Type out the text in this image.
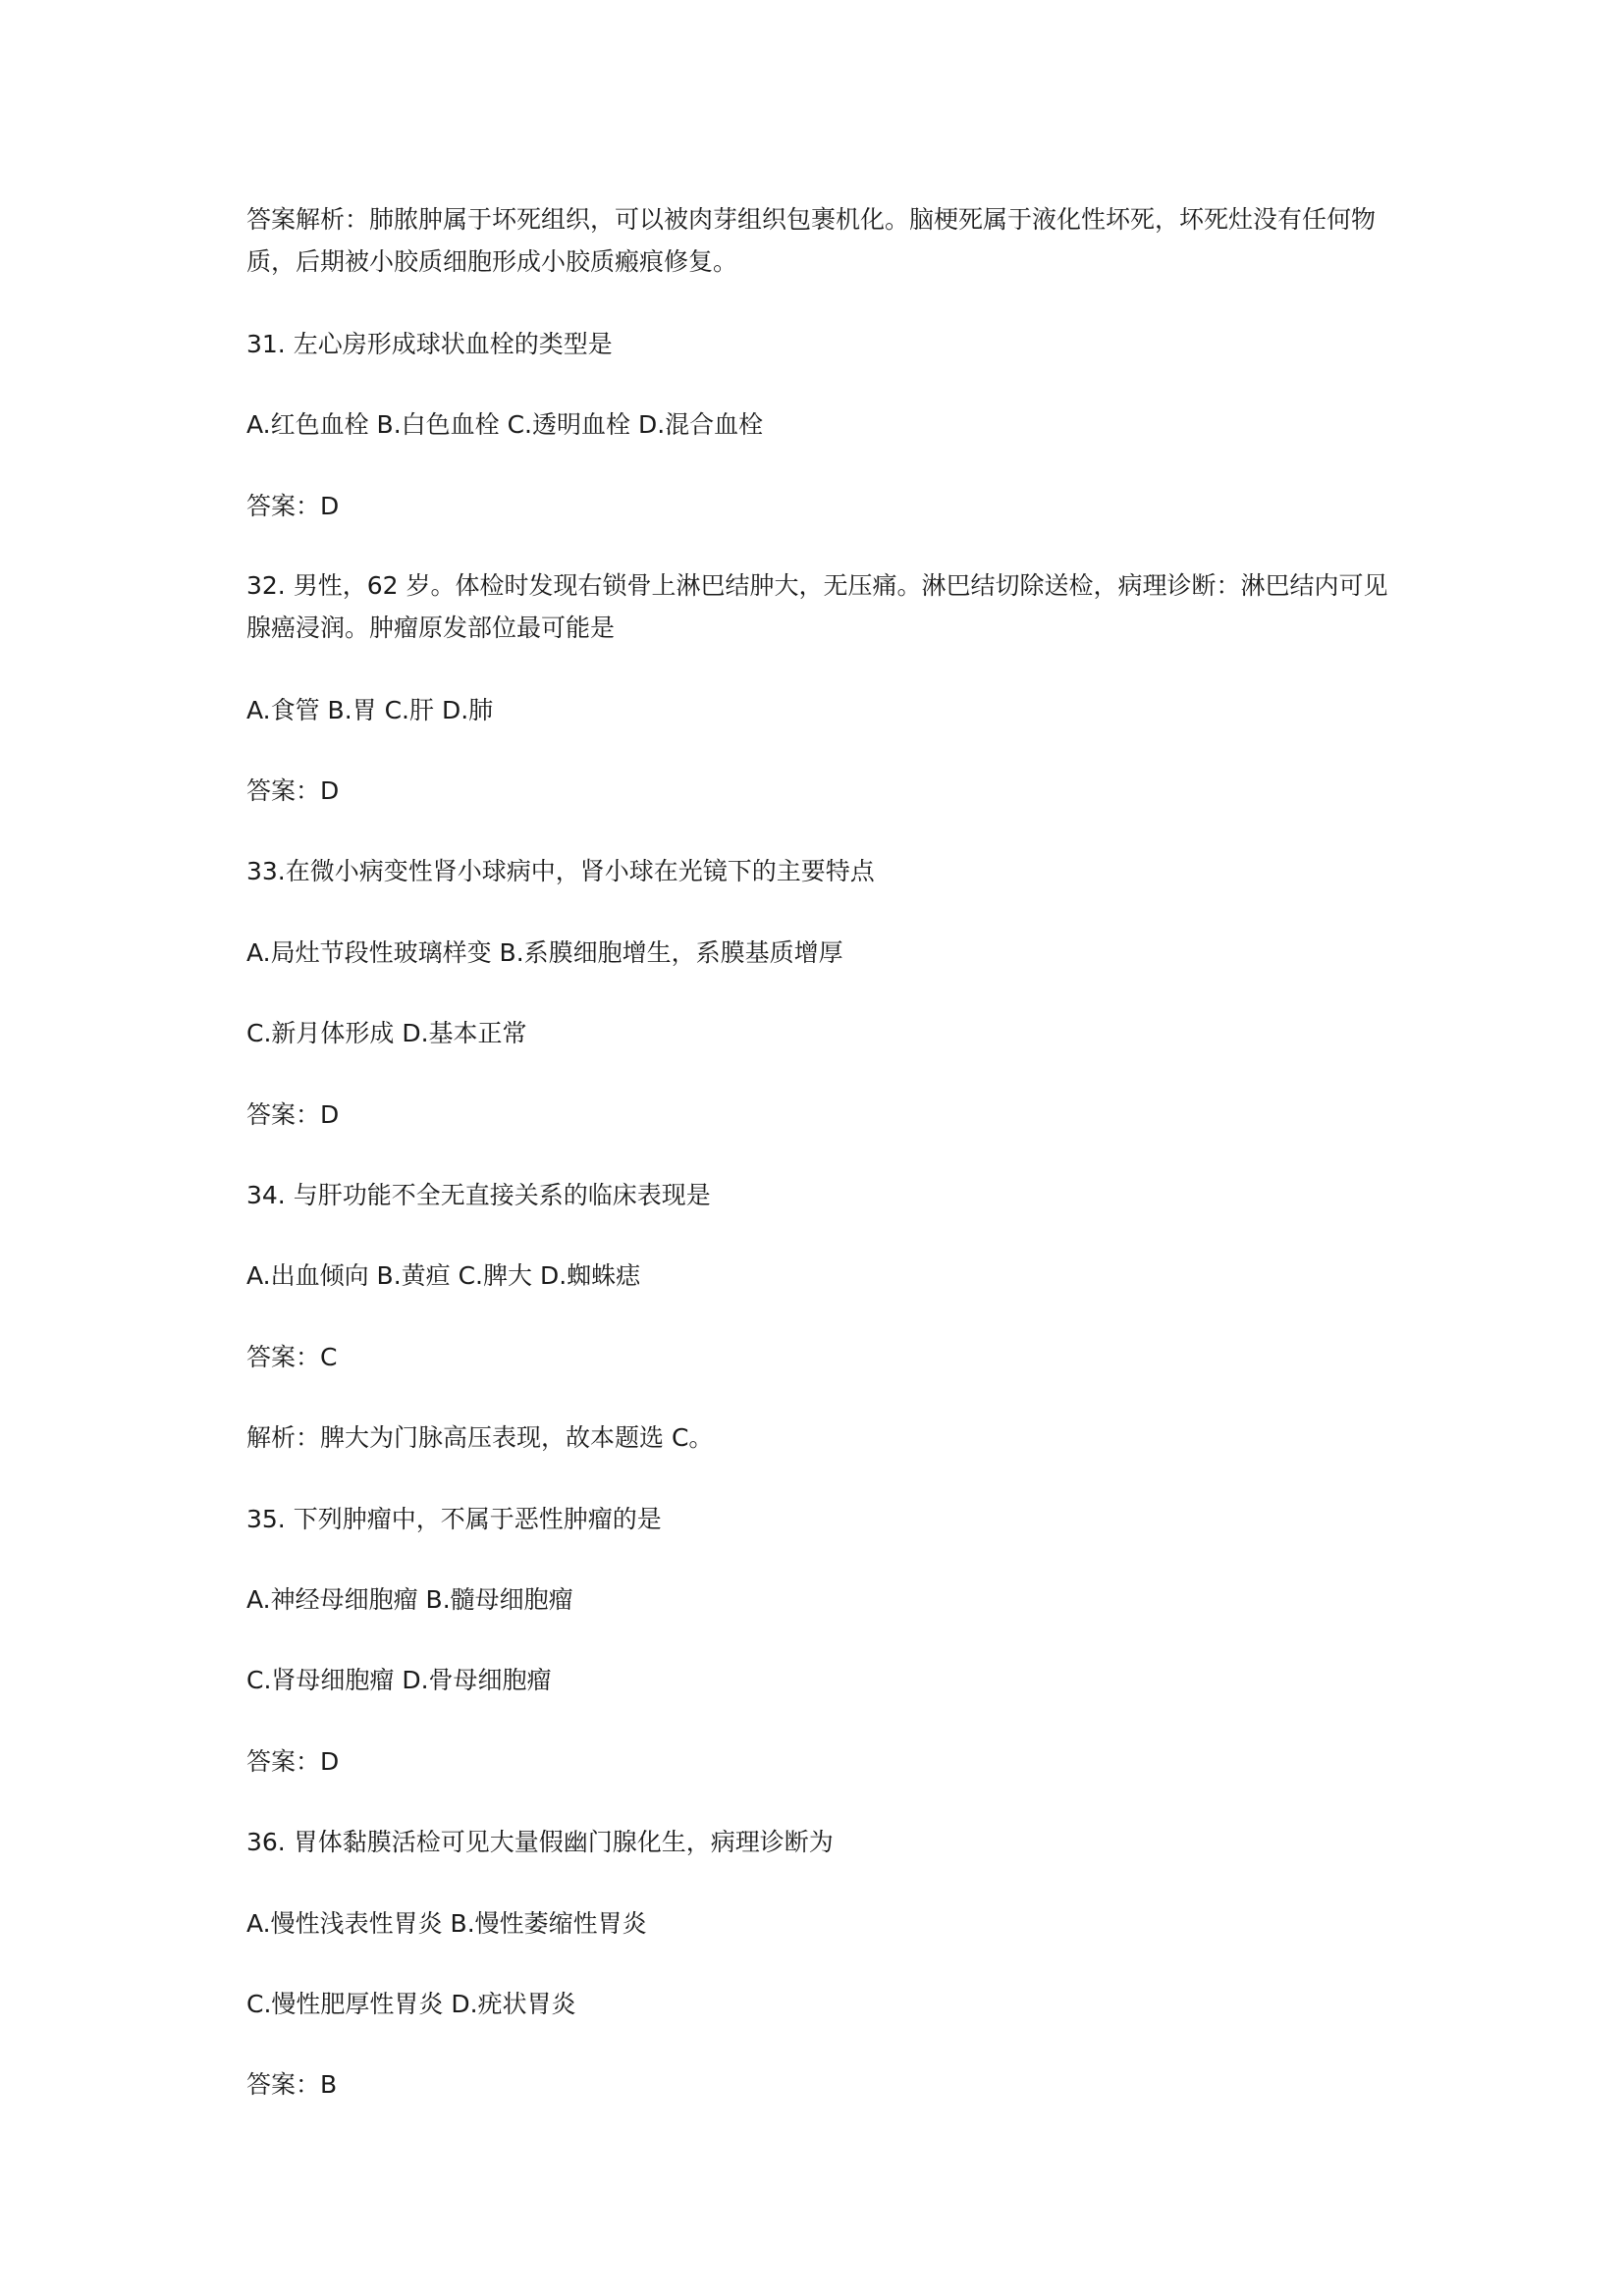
答案解析：肺脓肿属于坏死组织，可以被肉芽组织包裹机化。脑梗死属于液化性坏死，坏死灶没有任何物质，后期被小胶质细胞形成小胶质瘢痕修复。
31. 左心房形成球状血栓的类型是
A.红色血栓 B.白色血栓 C.透明血栓 D.混合血栓
答案：D
32. 男性，62 岁。体检时发现右锁骨上淋巴结肿大，无压痛。淋巴结切除送检，病理诊断：淋巴结内可见腺癌浸润。肿瘤原发部位最可能是
A.食管 B.胃 C.肝 D.肺
答案：D
33.在微小病变性肾小球病中，肾小球在光镜下的主要特点
A.局灶节段性玻璃样变 B.系膜细胞增生，系膜基质增厚
C.新月体形成 D.基本正常
答案：D
34. 与肝功能不全无直接关系的临床表现是
A.出血倾向 B.黄疸 C.脾大 D.蜘蛛痣
答案：C
解析：脾大为门脉高压表现，故本题选 C。
35. 下列肿瘤中，不属于恶性肿瘤的是
A.神经母细胞瘤 B.髓母细胞瘤
C.肾母细胞瘤 D.骨母细胞瘤
答案：D
36. 胃体黏膜活检可见大量假幽门腺化生，病理诊断为
A.慢性浅表性胃炎 B.慢性萎缩性胃炎
C.慢性肥厚性胃炎 D.疣状胃炎
答案：B
